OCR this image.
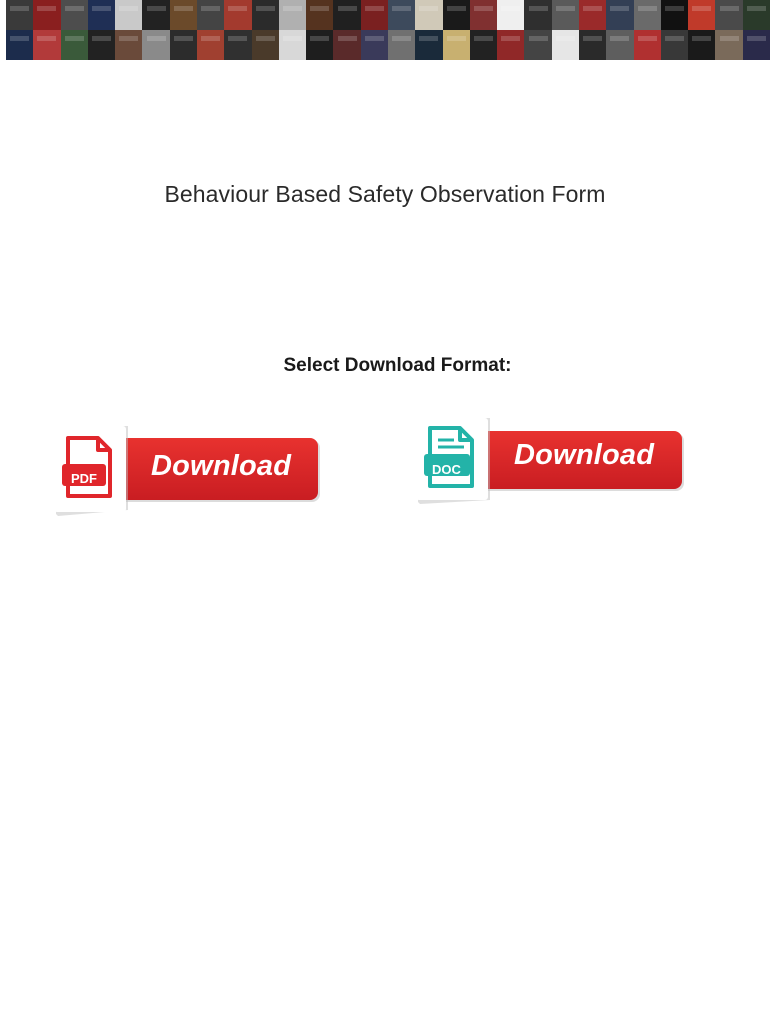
Behaviour Based Safety Observation Form
Select Download Format:
PDF Download	DOC Download
